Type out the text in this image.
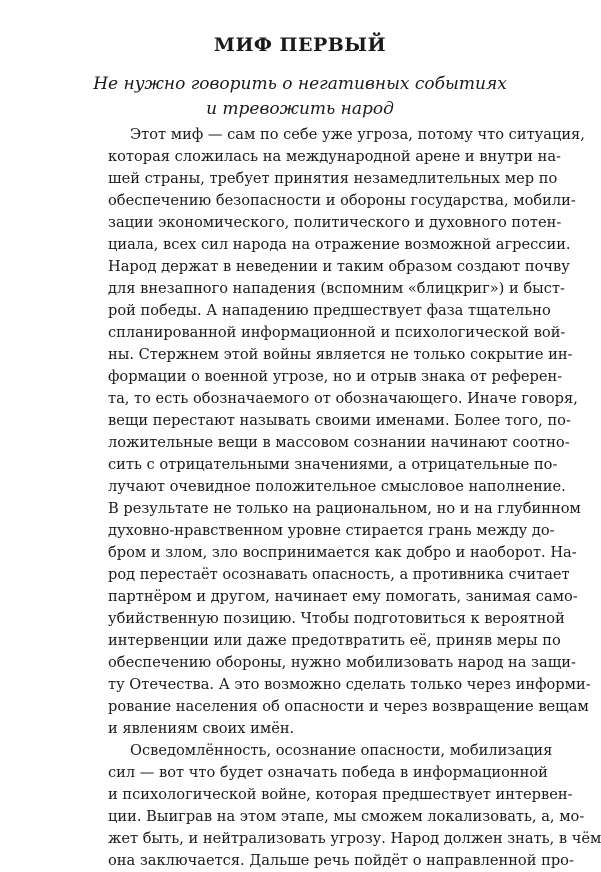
МИФ ПЕРВЫЙ
Не нужно говорить о негативных событиях
и тревожить народ
Этот миф — сам по себе уже угроза, потому что ситуация,
которая сложилась на международной арене и внутри на-
шей страны, требует принятия незамедлительных мер по
обеспечению безопасности и обороны государства, мобили-
зации экономического, политического и духовного потен-
циала, всех сил народа на отражение возможной агрессии.
Народ держат в неведении и таким образом создают почву
для внезапного нападения (вспомним «блицкриг») и быст-
рой победы. А нападению предшествует фаза тщательно
спланированной информационной и психологической вой-
ны. Стержнем этой войны является не только сокрытие ин-
формации о военной угрозе, но и отрыв знака от референ-
та, то есть обозначаемого от обозначающего. Иначе говоря,
вещи перестают называть своими именами. Более того, по-
ложительные вещи в массовом сознании начинают соотно-
сить с отрицательными значениями, а отрицательные по-
лучают очевидное положительное смысловое наполнение.
В результате не только на рациональном, но и на глубинном
духовно-нравственном уровне стирается грань между до-
бром и злом, зло воспринимается как добро и наоборот. На-
род перестаёт осознавать опасность, а противника считает
партнёром и другом, начинает ему помогать, занимая само-
убийственную позицию. Чтобы подготовиться к вероятной
интервенции или даже предотвратить её, приняв меры по
обеспечению обороны, нужно мобилизовать народ на защи-
ту Отечества. А это возможно сделать только через информи-
рование населения об опасности и через возвращение вещам
и явлениям своих имён.
Осведомлённость, осознание опасности, мобилизация
сил — вот что будет означать победа в информационной
и психологической войне, которая предшествует интервен-
ции. Выиграв на этом этапе, мы сможем локализовать, а, мо-
жет быть, и нейтрализовать угрозу. Народ должен знать, в чём
она заключается. Дальше речь пойдёт о направленной про-
